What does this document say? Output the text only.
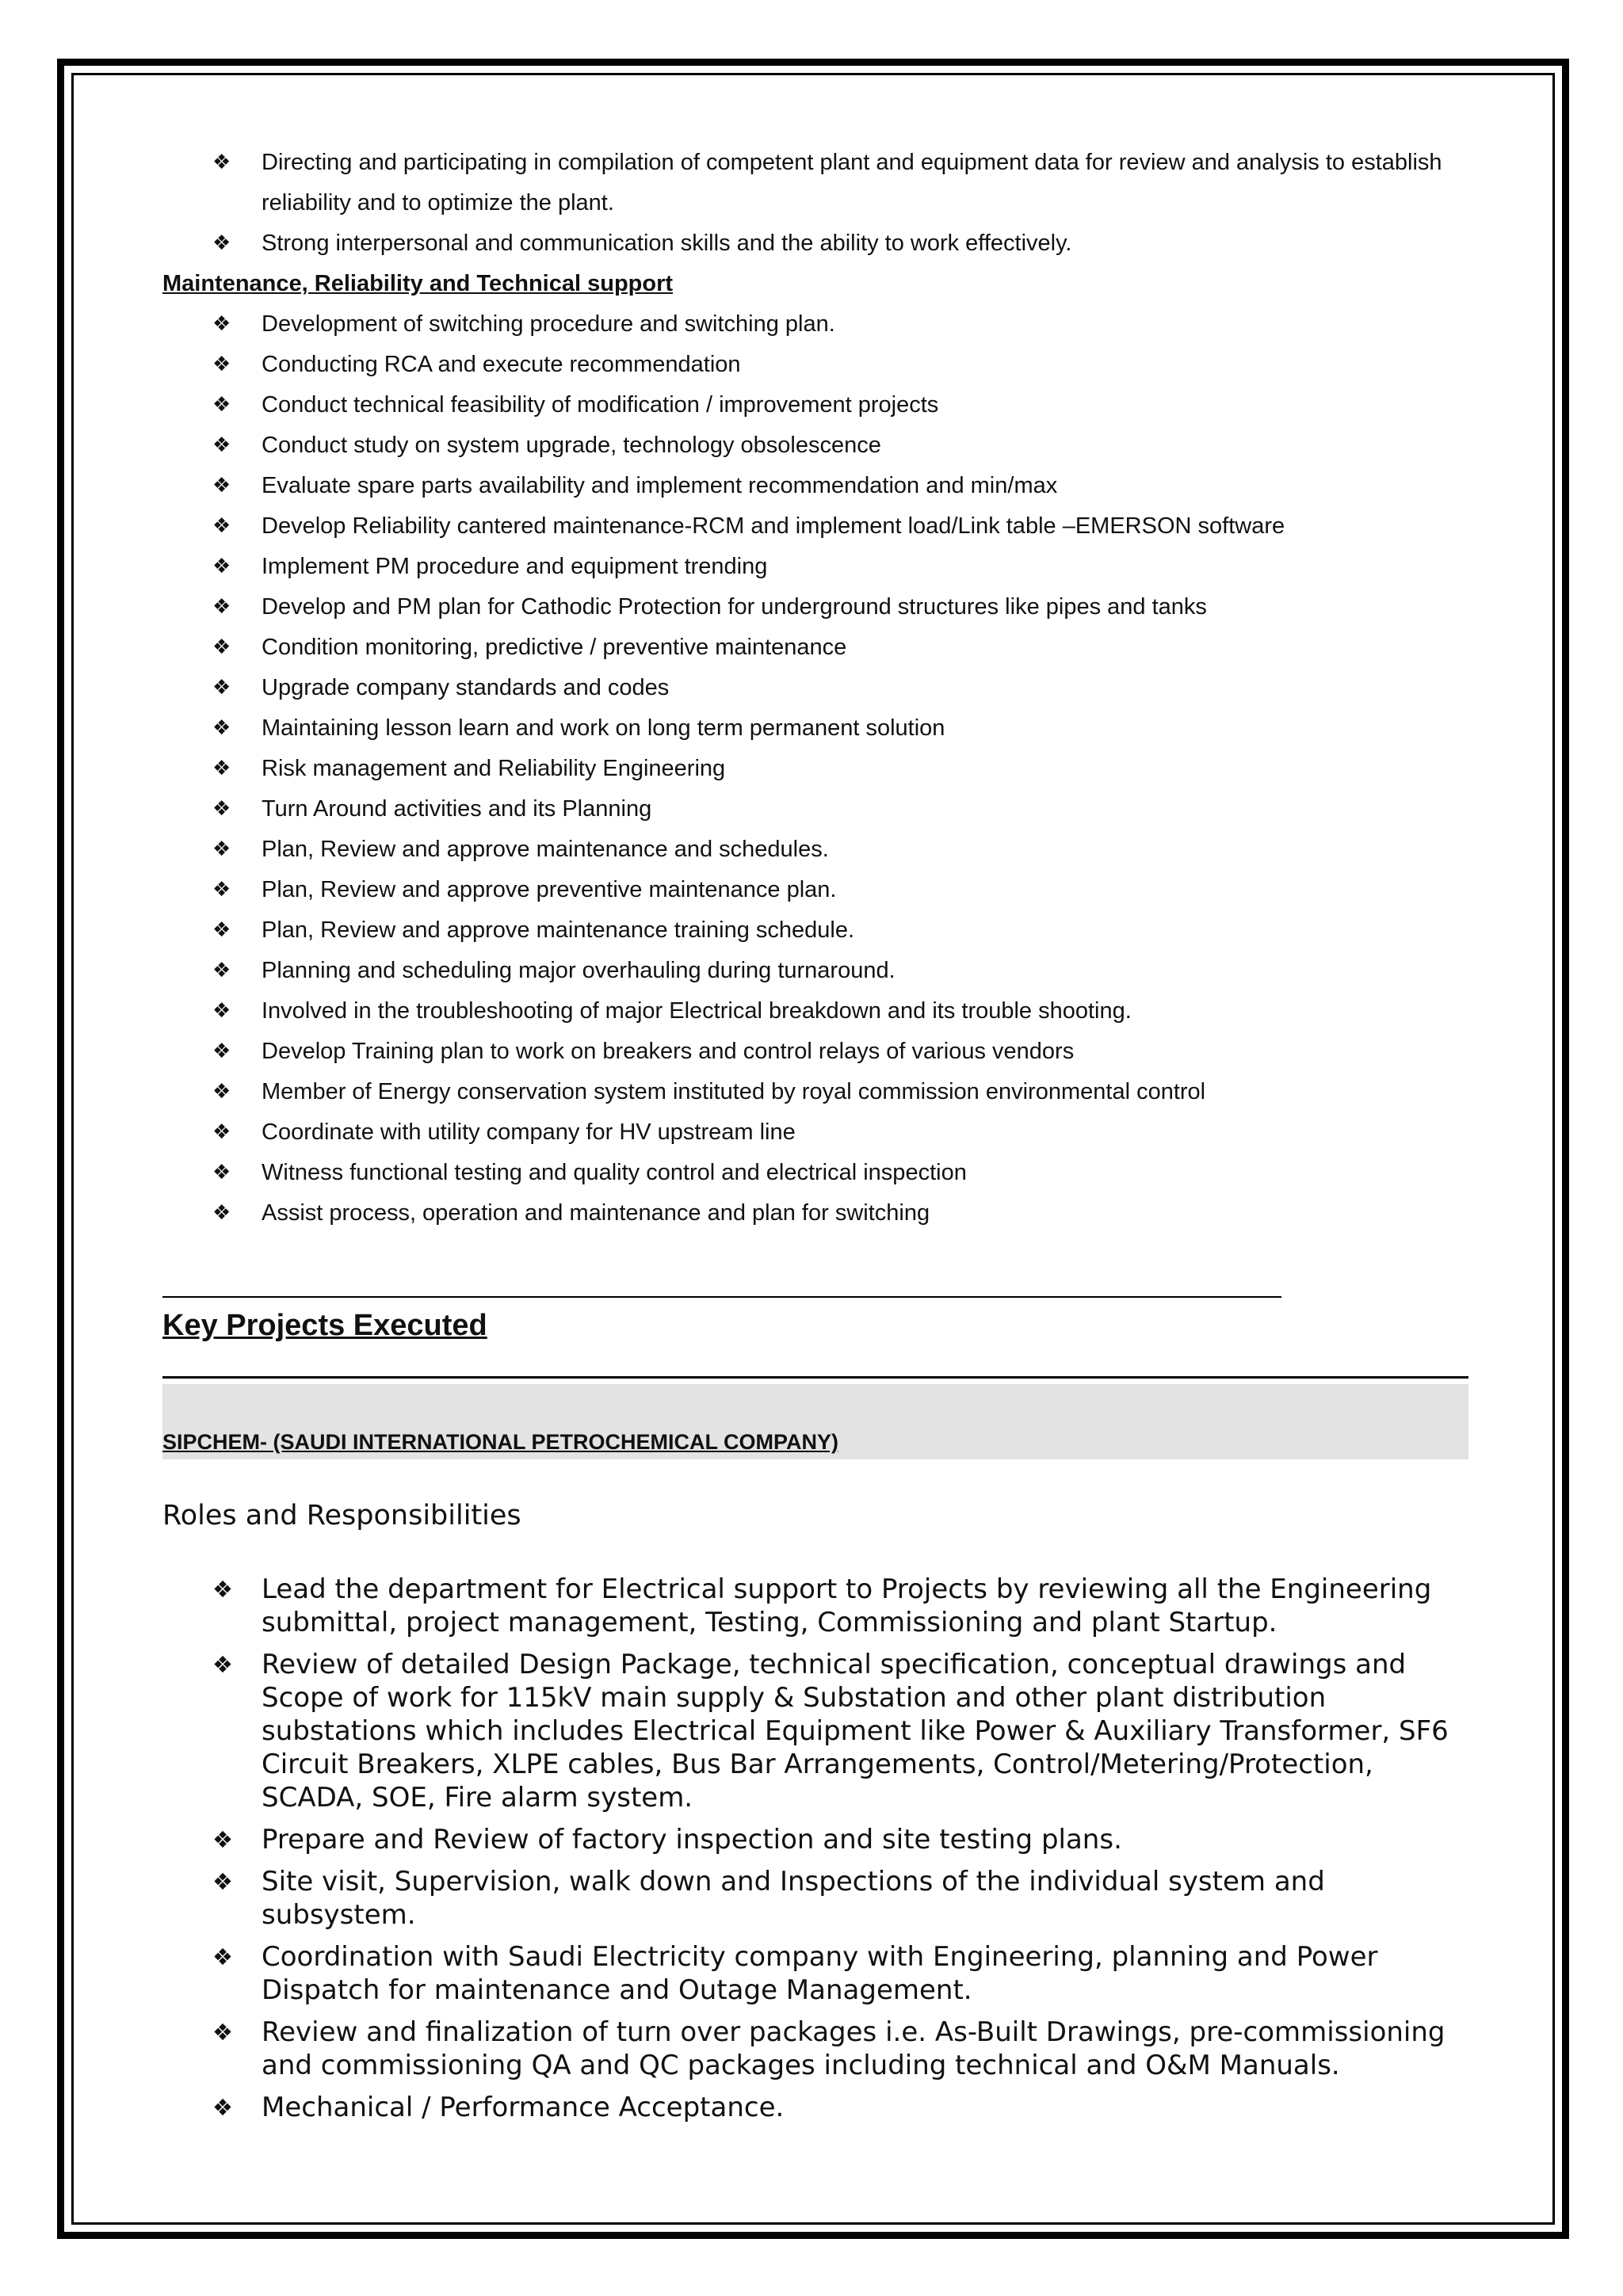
❖ Directing and participating in compilation of competent plant and equipment data for review and analysis to establish reliability and to optimize the plant.
❖ Strong interpersonal and communication skills and the ability to work effectively.
Maintenance, Reliability and Technical support
❖ Development of switching procedure and switching plan.
❖ Conducting RCA and execute recommendation
❖ Conduct technical feasibility of modification / improvement projects
❖ Conduct study on system upgrade, technology obsolescence
❖ Evaluate spare parts availability and implement recommendation and min/max
❖ Develop Reliability cantered maintenance-RCM and implement load/Link table –EMERSON software
❖ Implement PM procedure and equipment trending
❖ Develop and PM plan for Cathodic Protection for underground structures like pipes and tanks
❖ Condition monitoring, predictive / preventive maintenance
❖ Upgrade company standards and codes
❖ Maintaining lesson learn and work on long term permanent solution
❖ Risk management and Reliability Engineering
❖ Turn Around activities and its Planning
❖ Plan, Review and approve maintenance and schedules.
❖ Plan, Review and approve preventive maintenance plan.
❖ Plan, Review and approve maintenance training schedule.
❖ Planning and scheduling major overhauling during turnaround.
❖ Involved in the troubleshooting of major Electrical breakdown and its trouble shooting.
❖ Develop Training plan to work on breakers and control relays of various vendors
❖ Member of Energy conservation system instituted by royal commission environmental control
❖ Coordinate with utility company for HV upstream line
❖ Witness functional testing and quality control and electrical inspection
❖ Assist process, operation and maintenance and plan for switching
Key Projects Executed
SIPCHEM- (SAUDI INTERNATIONAL PETROCHEMICAL COMPANY)
Roles and Responsibilities
❖ Lead the department for Electrical support to Projects by reviewing all the Engineering submittal, project management, Testing, Commissioning and plant Startup.
❖ Review of detailed Design Package, technical specification, conceptual drawings and Scope of work for 115kV main supply & Substation and other plant distribution substations which includes Electrical Equipment like Power & Auxiliary Transformer, SF6 Circuit Breakers, XLPE cables, Bus Bar Arrangements, Control/Metering/Protection, SCADA, SOE, Fire alarm system.
❖ Prepare and Review of factory inspection and site testing plans.
❖ Site visit, Supervision, walk down and Inspections of the individual system and subsystem.
❖ Coordination with Saudi Electricity company with Engineering, planning and Power Dispatch for maintenance and Outage Management.
❖ Review and finalization of turn over packages i.e. As-Built Drawings, pre-commissioning and commissioning QA and QC packages including technical and O&M Manuals.
❖ Mechanical / Performance Acceptance.
